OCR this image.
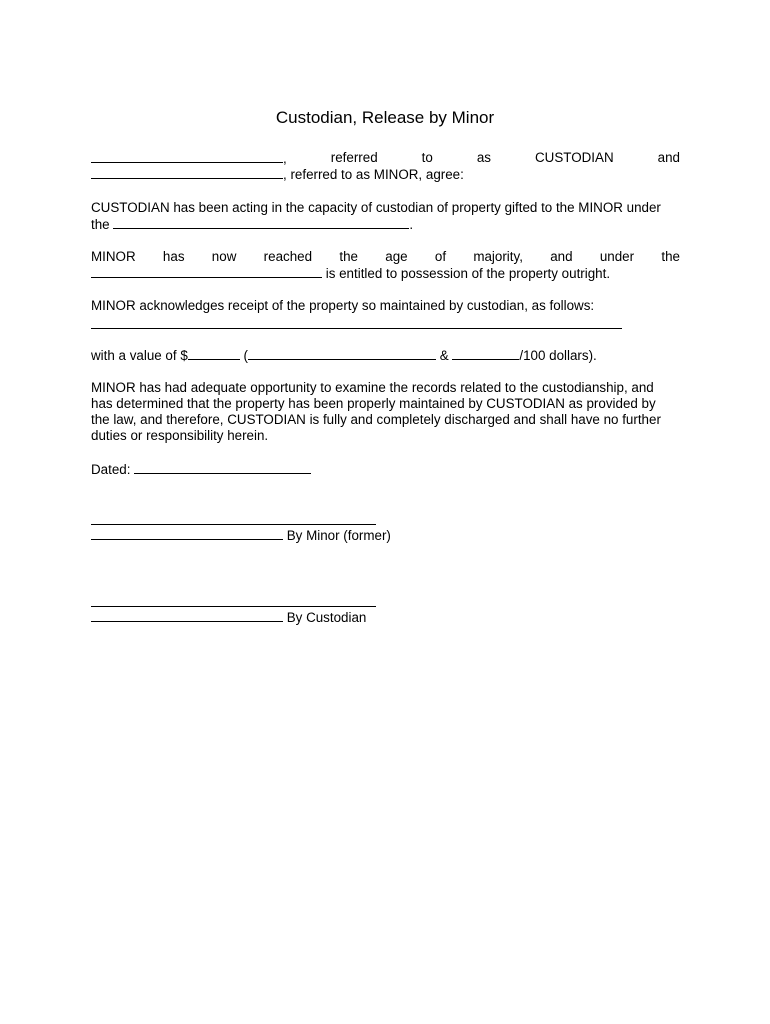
Custodian, Release by Minor
,	referred	to	as	CUSTODIAN	and
, referred to as MINOR, agree:
CUSTODIAN has been acting in the capacity of custodian of property gifted to the MINOR under
the	.
MINOR has now reached the age of majority, and under the
is entitled to possession of the property outright.
MINOR acknowledges receipt of the property so maintained by custodian, as follows:
with a value of $	(	&	/100 dollars).
MINOR has had adequate opportunity to examine the records related to the custodianship, and
has determined that the property has been properly maintained by CUSTODIAN as provided by
the law, and therefore, CUSTODIAN is fully and completely discharged and shall have no further
duties or responsibility herein.
Dated:
By Minor (former)
By Custodian
